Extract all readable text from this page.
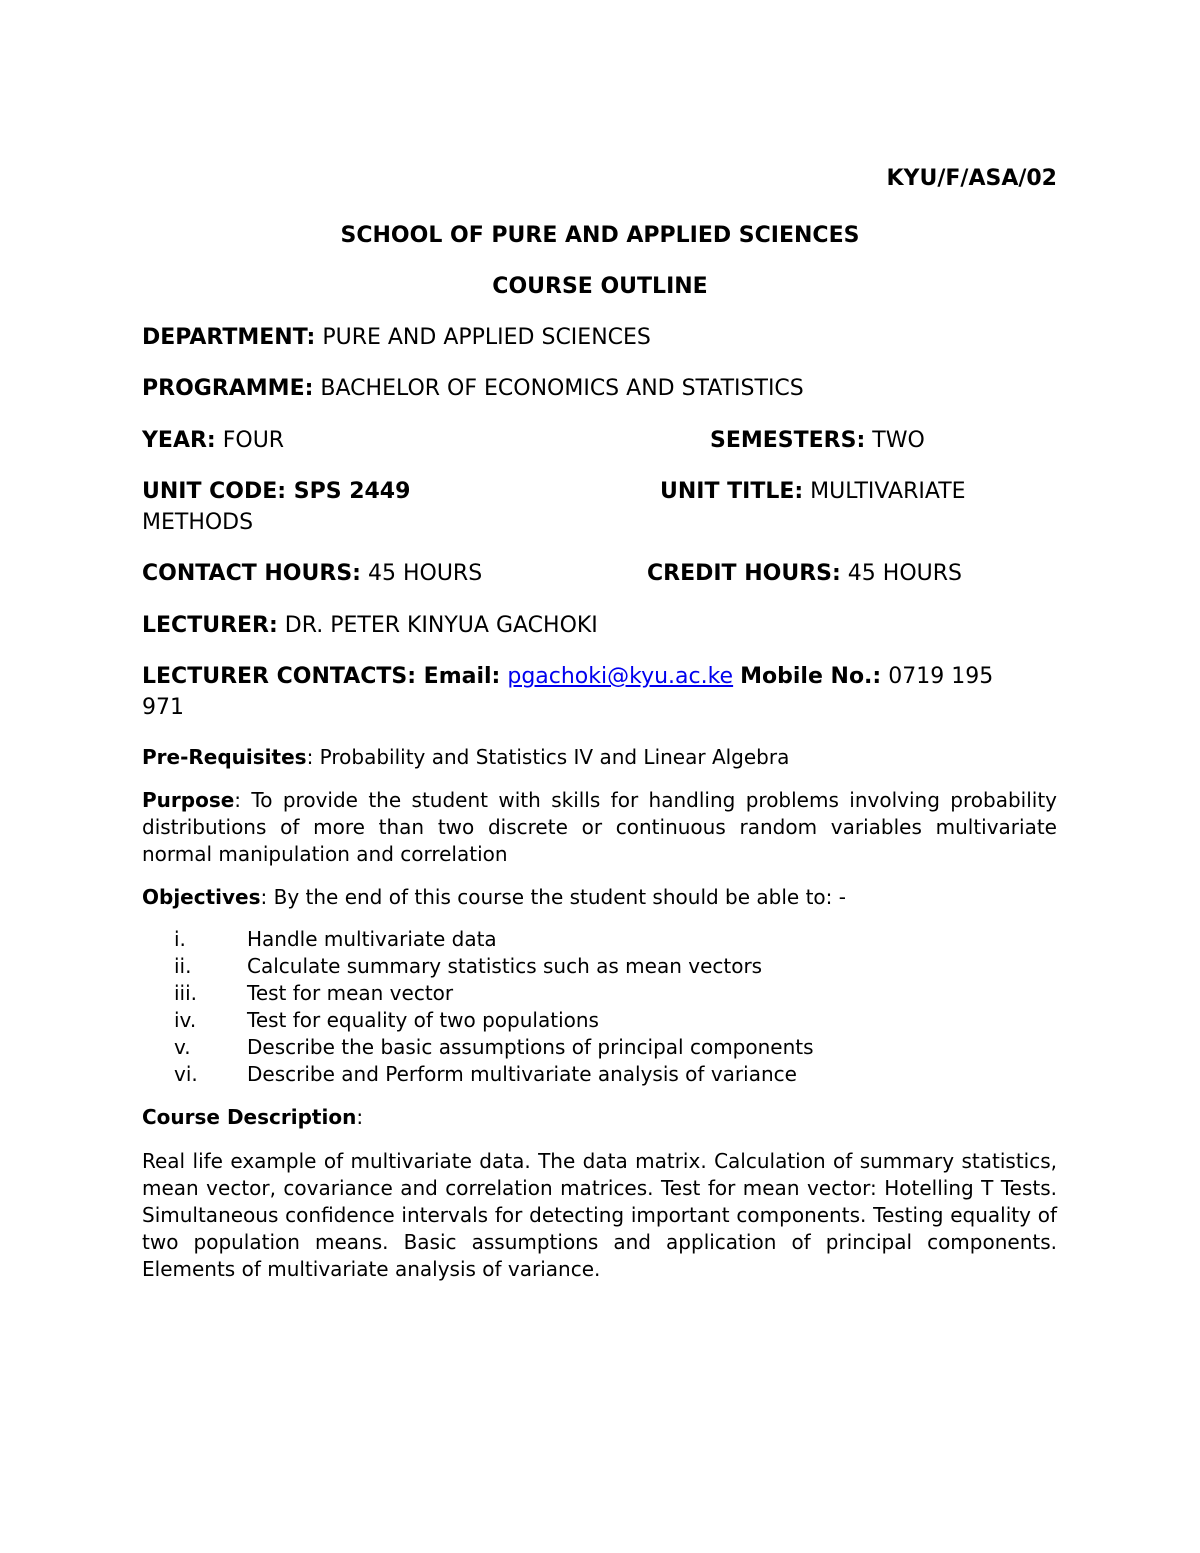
KYU/F/ASA/02
SCHOOL OF PURE AND APPLIED SCIENCES
COURSE OUTLINE
DEPARTMENT: PURE AND APPLIED SCIENCES
PROGRAMME: BACHELOR OF ECONOMICS AND STATISTICS
YEAR: FOUR	SEMESTERS: TWO
UNIT CODE: SPS 2449	UNIT TITLE: MULTIVARIATE
METHODS
CONTACT HOURS: 45 HOURS	CREDIT HOURS: 45 HOURS
LECTURER: DR. PETER KINYUA GACHOKI
LECTURER CONTACTS: Email: pgachoki@kyu.ac.ke Mobile No.: 0719 195
971
Pre-Requisites: Probability and Statistics IV and Linear Algebra
Purpose: To provide the student with skills for handling problems involving probability distributions of more than two discrete or continuous random variables multivariate normal manipulation and correlation
Objectives: By the end of this course the student should be able to: -
i.	Handle multivariate data
ii.	Calculate summary statistics such as mean vectors
iii. Test for mean vector
iv.	Test for equality of two populations
v.	Describe the basic assumptions of principal components
vi. Describe and Perform multivariate analysis of variance
Course Description:
Real life example of multivariate data. The data matrix. Calculation of summary statistics, mean vector, covariance and correlation matrices. Test for mean vector: Hotelling T Tests. Simultaneous confidence intervals for detecting important components. Testing equality of two population means. Basic assumptions and application of principal components. Elements of multivariate analysis of variance.
